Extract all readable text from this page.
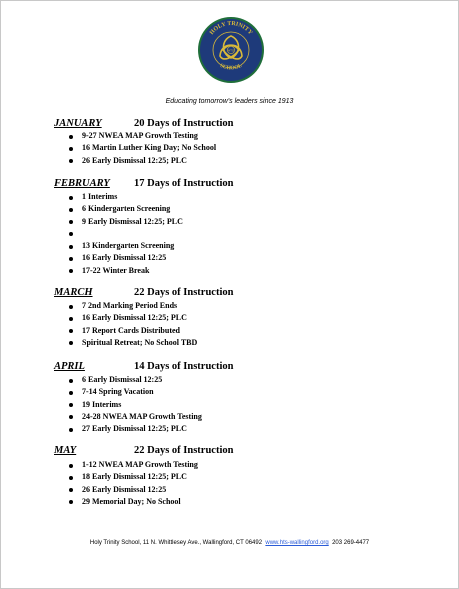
HOLY TRINITY
SCHOOL
HTS
Educating tomorrow's leaders since 1913
JANUARY	20 Days of Instruction
9-27 NWEA MAP Growth Testing
16 Martin Luther King Day; No School
26 Early Dismissal 12:25; PLC
FEBRUARY 17 Days of Instruction
1 Interims
6 Kindergarten Screening
9 Early Dismissal 12:25; PLC
13 Kindergarten Screening
16 Early Dismissal 12:25
17-22 Winter Break
MARCH	22 Days of Instruction
7 2nd Marking Period Ends
16 Early Dismissal 12:25; PLC
17 Report Cards Distributed
Spiritual Retreat; No School TBD
APRIL	14 Days of Instruction
6 Early Dismissal 12:25
7-14 Spring Vacation
19 Interims
24-28 NWEA MAP Growth Testing
27 Early Dismissal 12:25; PLC
MAY	22 Days of Instruction
1-12 NWEA MAP Growth Testing
18 Early Dismissal 12:25; PLC
26 Early Dismissal 12:25
29 Memorial Day; No School
Holy Trinity School, 11 N. Whittlesey Ave., Wallingford, CT 06492 www.hts-wallingford.org 203 269-4477
